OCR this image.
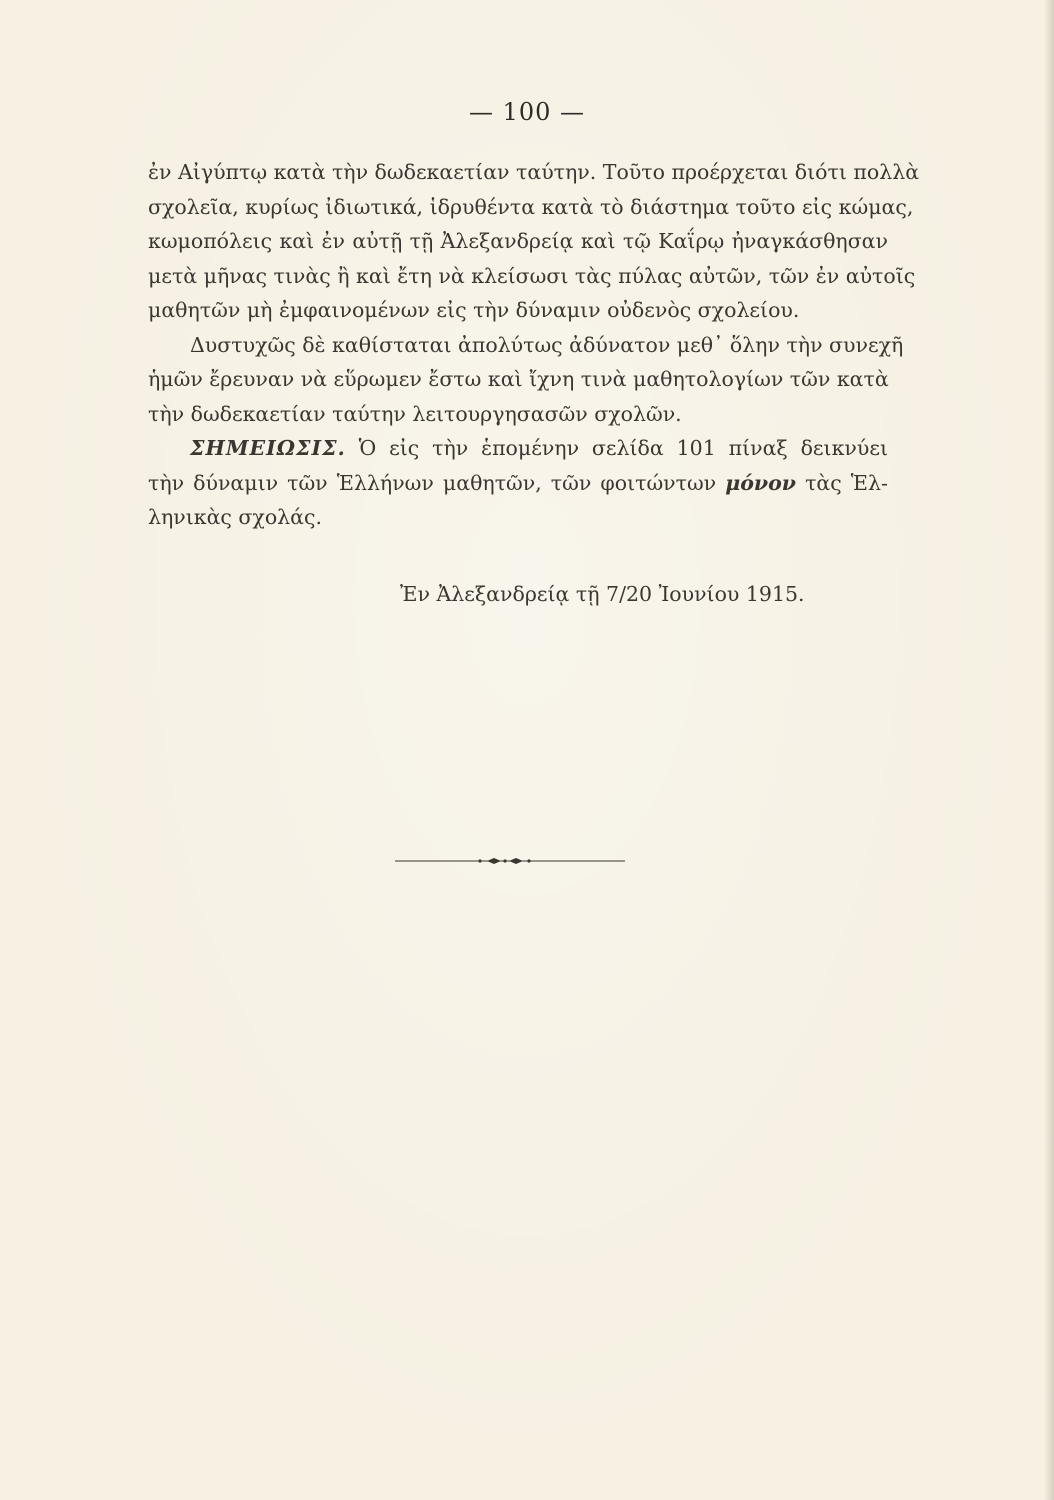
— 100 —
ἐν Αἰγύπτῳ κατὰ τὴν δωδεκαετίαν ταύτην. Τοῦτο προέρχεται διότι πολλὰ
σχολεῖα, κυρίως ἰδιωτικά, ἱδρυθέντα κατὰ τὸ διάστημα τοῦτο εἰς κώμας,
κωμοπόλεις καὶ ἐν αὐτῇ τῇ Ἀλεξανδρείᾳ καὶ τῷ Καΐρῳ ἠναγκάσθησαν
μετὰ μῆνας τινὰς ἢ καὶ ἔτη νὰ κλείσωσι τὰς πύλας αὐτῶν, τῶν ἐν αὐτοῖς
μαθητῶν μὴ ἐμφαινομένων εἰς τὴν δύναμιν οὐδενὸς σχολείου.
Δυστυχῶς δὲ καθίσταται ἀπολύτως ἀδύνατον μεθ᾽ ὅλην τὴν συνεχῆ
ἡμῶν ἔρευναν νὰ εὕρωμεν ἔστω καὶ ἴχνη τινὰ μαθητολογίων τῶν κατὰ
τὴν δωδεκαετίαν ταύτην λειτουργησασῶν σχολῶν.
ΣΗΜΕΙΩΣΙΣ. Ὁ εἰς τὴν ἑπομένην σελίδα 101 πίναξ δεικνύει
τὴν δύναμιν τῶν Ἑλλήνων μαθητῶν, τῶν φοιτώντων μόνον τὰς Ἑλ-
ληνικὰς σχολάς.
Ἐν Ἀλεξανδρείᾳ τῇ 7/20 Ἰουνίου 1915.
